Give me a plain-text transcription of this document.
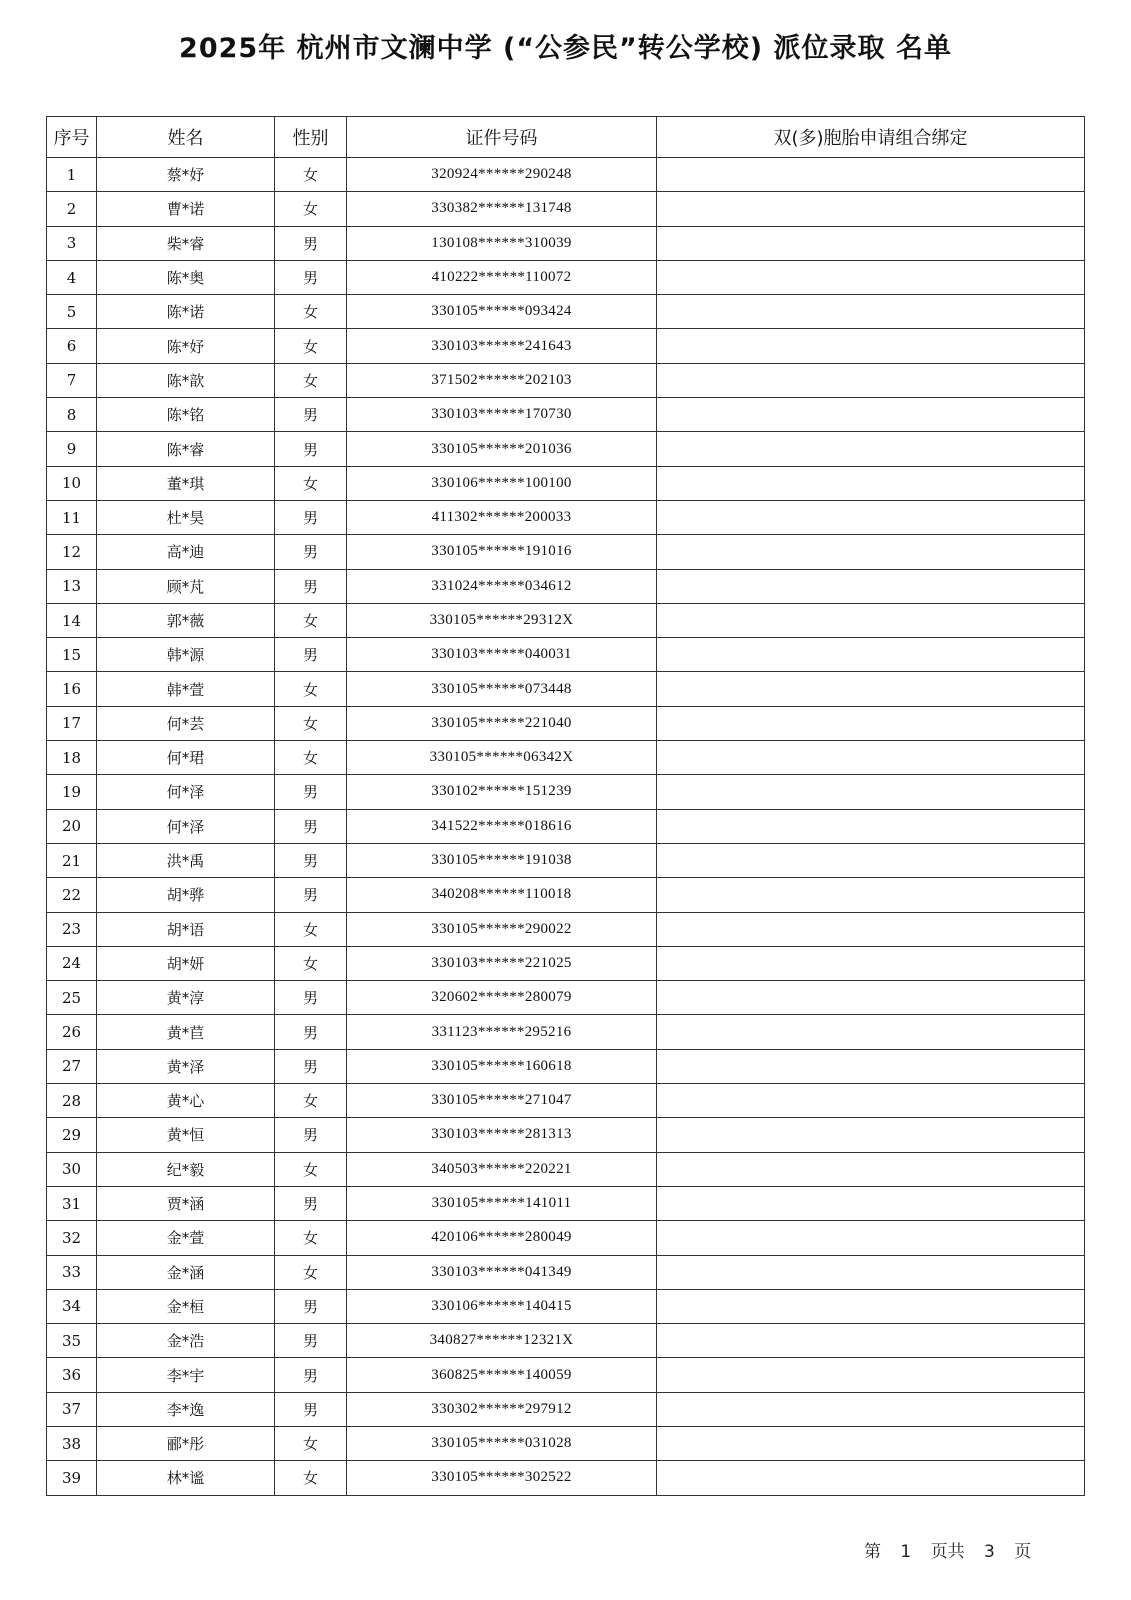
2025年 杭州市文澜中学 (“公参民”转公学校) 派位录取 名单
序号	姓名	性别	证件号码	双(多)胞胎申请组合绑定
1	蔡*妤	女	320924******290248	
2	曹*诺	女	330382******131748	
3	柴*睿	男	130108******310039	
4	陈*奥	男	410222******110072	
5	陈*诺	女	330105******093424	
6	陈*妤	女	330103******241643	
7	陈*歆	女	371502******202103	
8	陈*铭	男	330103******170730	
9	陈*睿	男	330105******201036	
10	董*琪	女	330106******100100	
11	杜*昊	男	411302******200033	
12	高*迪	男	330105******191016	
13	顾*芃	男	331024******034612	
14	郭*薇	女	330105******29312X	
15	韩*源	男	330103******040031	
16	韩*萱	女	330105******073448	
17	何*芸	女	330105******221040	
18	何*珺	女	330105******06342X	
19	何*泽	男	330102******151239	
20	何*泽	男	341522******018616	
21	洪*禹	男	330105******191038	
22	胡*骅	男	340208******110018	
23	胡*语	女	330105******290022	
24	胡*妍	女	330103******221025	
25	黄*淳	男	320602******280079	
26	黄*苣	男	331123******295216	
27	黄*泽	男	330105******160618	
28	黄*心	女	330105******271047	
29	黄*恒	男	330103******281313	
30	纪*毅	女	340503******220221	
31	贾*涵	男	330105******141011	
32	金*萱	女	420106******280049	
33	金*涵	女	330103******041349	
34	金*桓	男	330106******140415	
35	金*浩	男	340827******12321X	
36	李*宇	男	360825******140059	
37	李*逸	男	330302******297912	
38	郦*彤	女	330105******031028	
39	林*谧	女	330105******302522	
第 1 页共 3 页
